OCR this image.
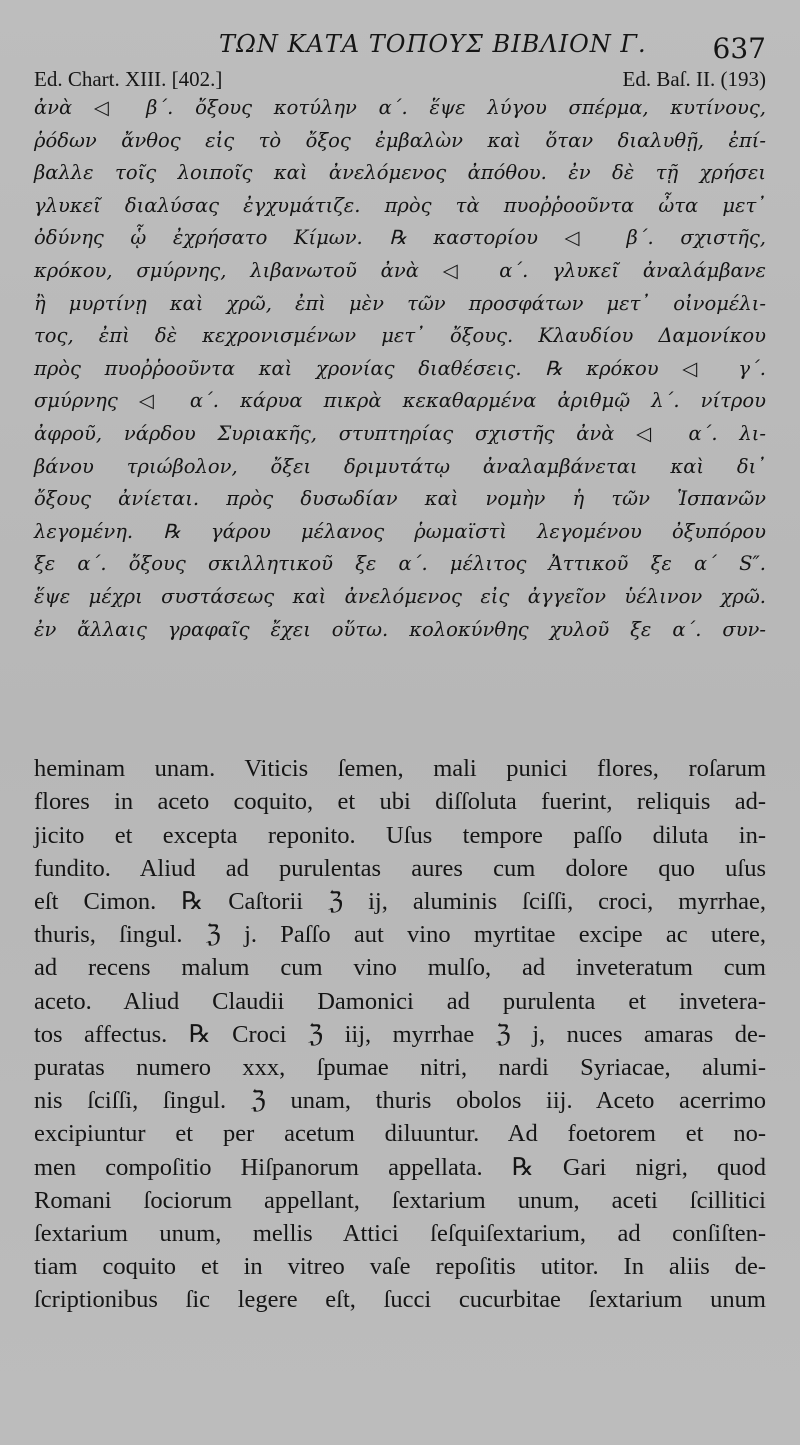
ΤΩΝ ΚΑΤΑ ΤΟΠΟΥΣ ΒΙΒΛΙΟΝ Γ. 637
Ed. Chart. XIII. [402.]	Ed. Baſ. II. (193)
ἀνὰ ◁ β΄. ὄξους κοτύλην α΄. ἕψε λύγου σπέρμα, κυτίνους,
ῥόδων ἄνθος εἰς τὸ ὄξος ἐμβαλὼν καὶ ὅταν διαλυθῇ, ἐπί-
βαλλε τοῖς λοιποῖς καὶ ἀνελόμενος ἀπόθου. ἐν δὲ τῇ χρήσει
γλυκεῖ διαλύσας ἐγχυμάτιζε. πρὸς τὰ πυοῤῥοοῦντα ὦτα μετ᾽
ὀδύνης ᾧ ἐχρήσατο Κίμων. ℞ καστορίου ◁ β΄. σχιστῆς,
κρόκου, σμύρνης, λιβανωτοῦ ἀνὰ ◁ α΄. γλυκεῖ ἀναλάμβανε
ἢ μυρτίνῃ καὶ χρῶ, ἐπὶ μὲν τῶν προσφάτων μετ᾽ οἰνομέλι-
τος, ἐπὶ δὲ κεχρονισμένων μετ᾽ ὄξους. Κλαυδίου Δαμονίκου
πρὸς πυοῤῥοοῦντα καὶ χρονίας διαθέσεις. ℞ κρόκου ◁ γ΄.
σμύρνης ◁ α΄. κάρυα πικρὰ κεκαθαρμένα ἀριθμῷ λ΄. νίτρου
ἀφροῦ, νάρδου Συριακῆς, στυπτηρίας σχιστῆς ἀνὰ ◁ α΄. λι-
βάνου τριώβολον, ὄξει δριμυτάτῳ ἀναλαμβάνεται καὶ δι᾽
ὄξους ἀνίεται. πρὸς δυσωδίαν καὶ νομὴν ἡ τῶν Ἱσπανῶν
λεγομένη. ℞ γάρου μέλανος ῥωμαϊστὶ λεγομένου ὀξυπόρου
ξε α΄. ὄξους σκιλλητικοῦ ξε α΄. μέλιτος Ἀττικοῦ ξε α΄ S″.
ἕψε μέχρι συστάσεως καὶ ἀνελόμενος εἰς ἀγγεῖον ὑέλινον χρῶ.
ἐν ἄλλαις γραφαῖς ἔχει οὕτω. κολοκύνθης χυλοῦ ξε α΄. συν-
heminam unam. Viticis ſemen, mali punici flores, roſarum
flores in aceto coquito, et ubi diſſoluta fuerint, reliquis ad-
jicito et excepta reponito. Uſus tempore paſſo diluta in-
fundito. Aliud ad purulentas aures cum dolore quo uſus
eſt Cimon. ℞ Caſtorii ℨ ij, aluminis ſciſſi, croci, myrrhae,
thuris, ſingul. ℨ j. Paſſo aut vino myrtitae excipe ac utere,
ad recens malum cum vino mulſo, ad inveteratum cum
aceto. Aliud Claudii Damonici ad purulenta et invetera-
tos affectus. ℞ Croci ℨ iij, myrrhae ℨ j, nuces amaras de-
puratas numero xxx, ſpumae nitri, nardi Syriacae, alumi-
nis ſciſſi, ſingul. ℨ unam, thuris obolos iij. Aceto acerrimo
excipiuntur et per acetum diluuntur. Ad foetorem et no-
men compoſitio Hiſpanorum appellata. ℞ Gari nigri, quod
Romani ſociorum appellant, ſextarium unum, aceti ſcillitici
ſextarium unum, mellis Attici ſeſquiſextarium, ad conſiſten-
tiam coquito et in vitreo vaſe repoſitis utitor. In aliis de-
ſcriptionibus ſic legere eſt, ſucci cucurbitae ſextarium unum
